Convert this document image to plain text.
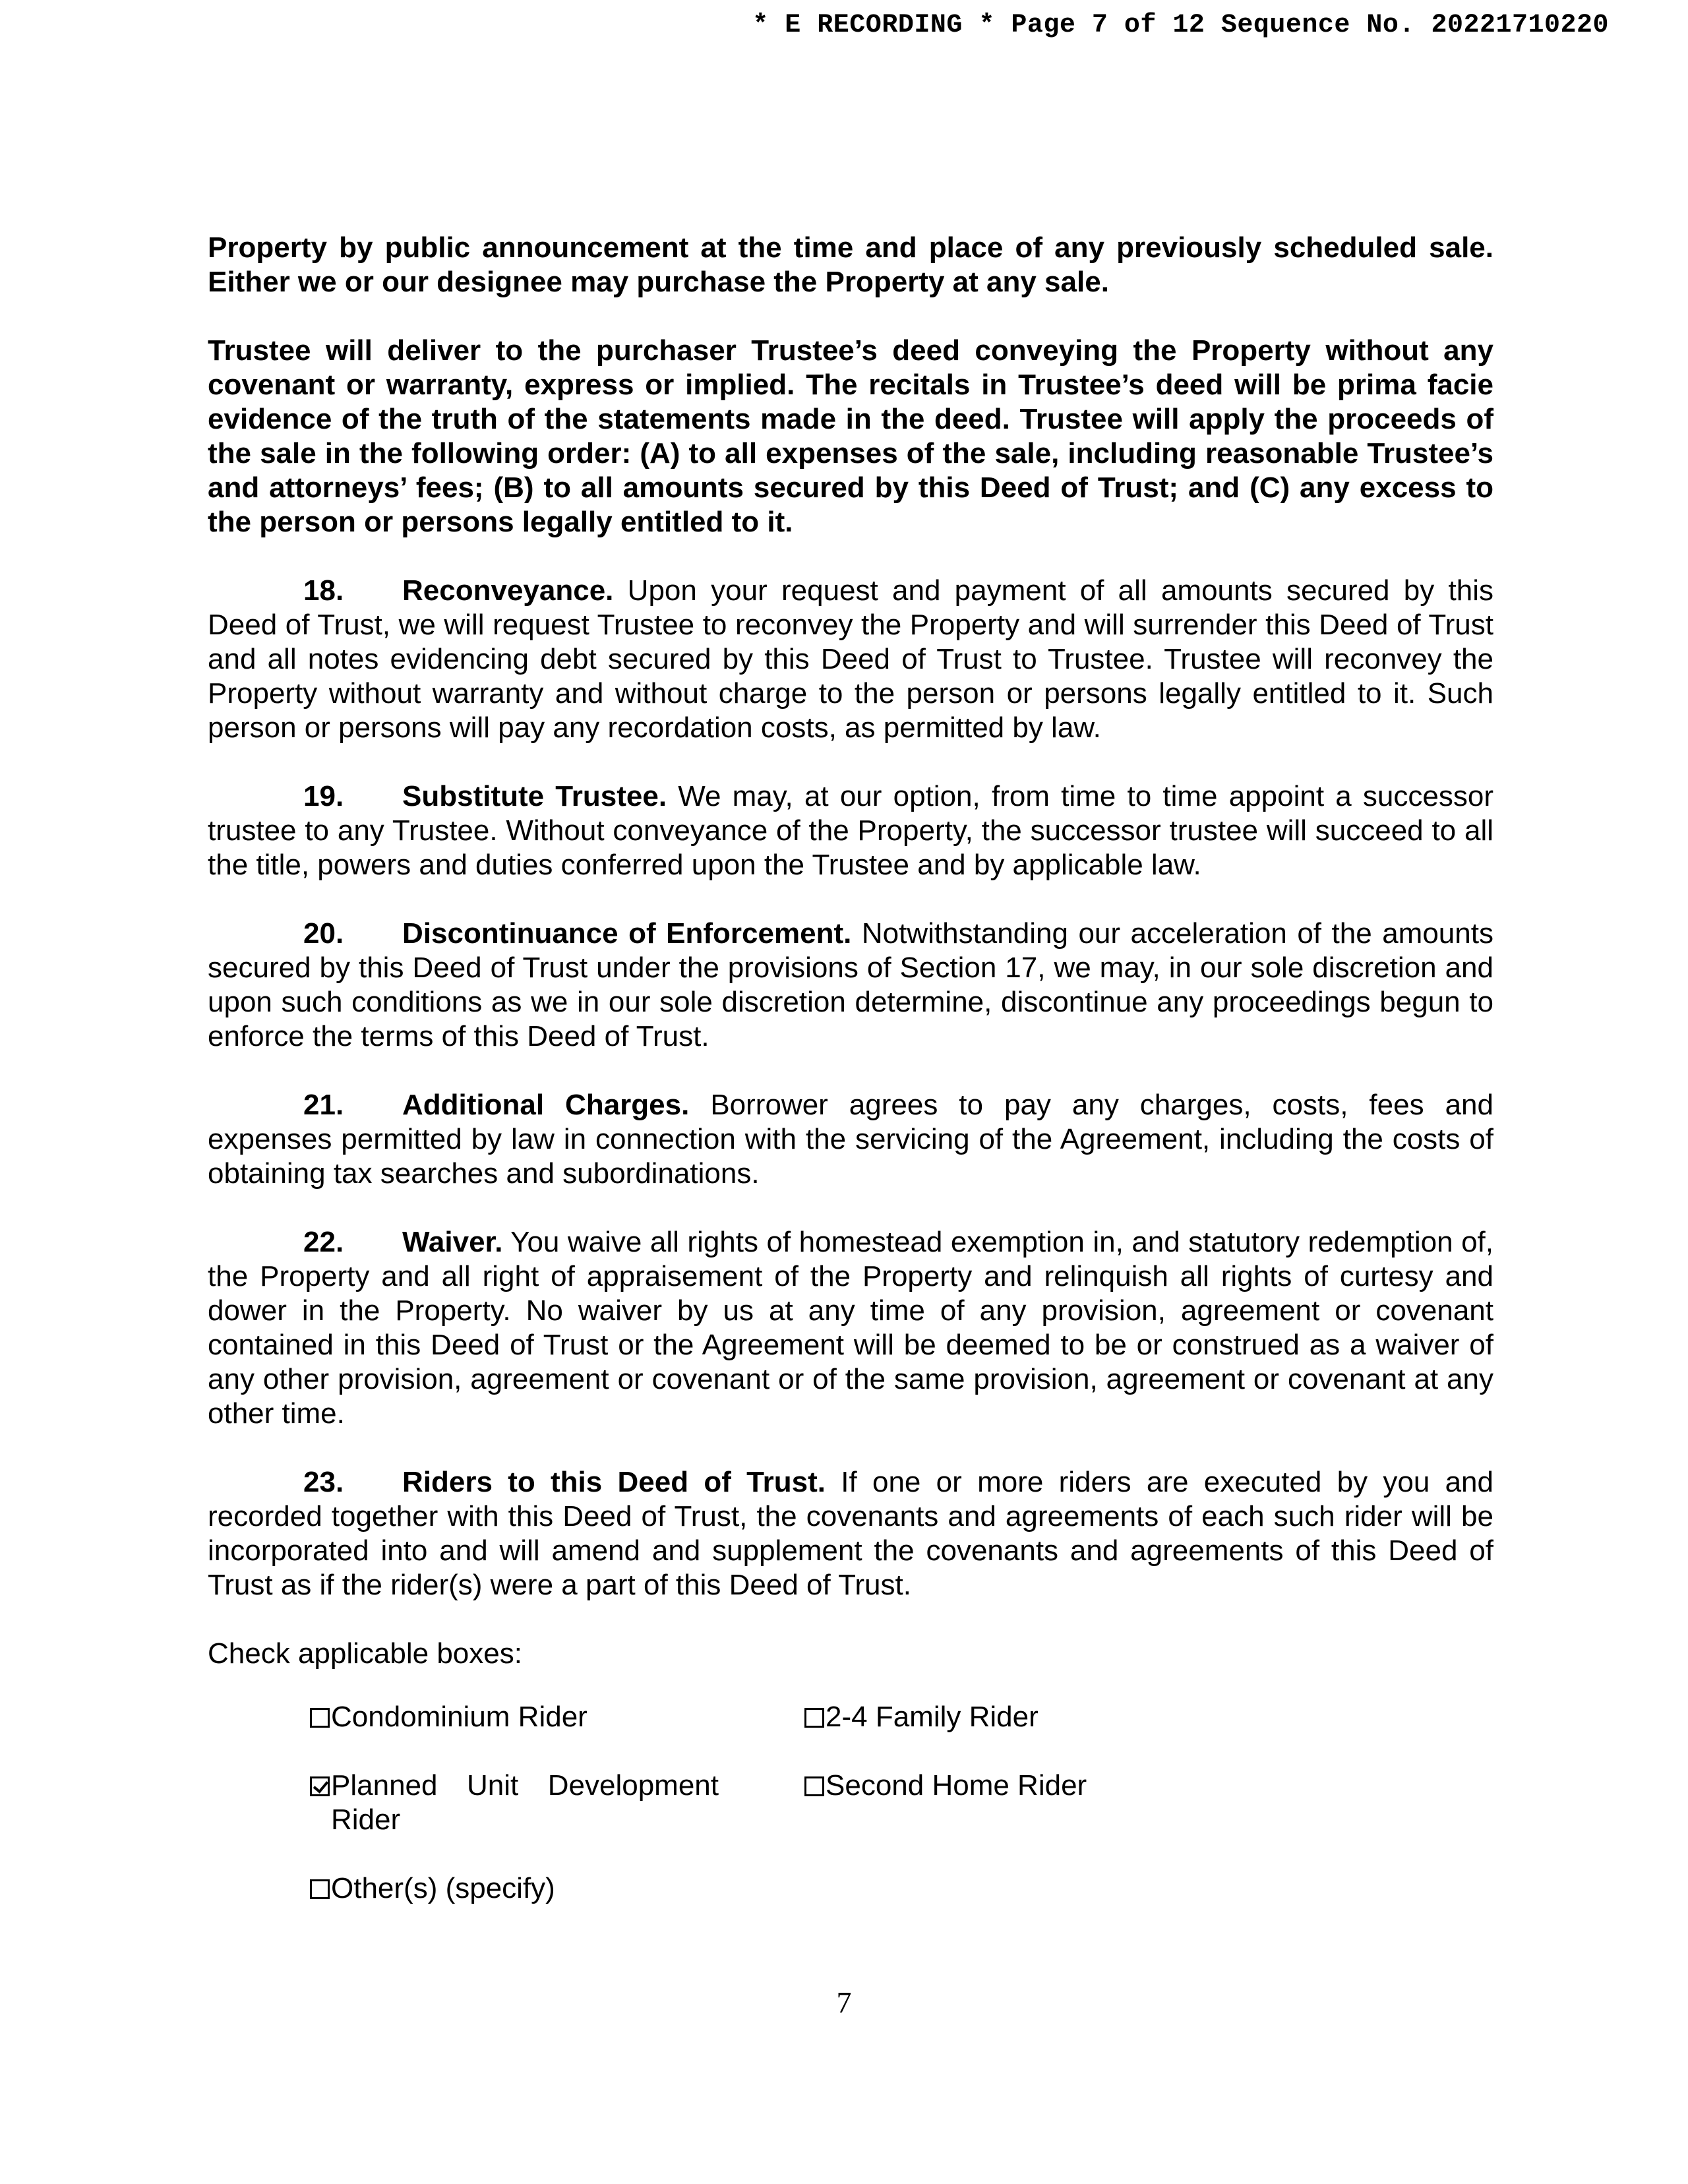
* E RECORDING * Page 7 of 12 Sequence No. 20221710220

Property by public announcement at the time and place of any previously scheduled sale. Either we or our designee may purchase the Property at any sale.

Trustee will deliver to the purchaser Trustee’s deed conveying the Property without any covenant or warranty, express or implied. The recitals in Trustee’s deed will be prima facie evidence of the truth of the statements made in the deed. Trustee will apply the proceeds of the sale in the following order: (A) to all expenses of the sale, including reasonable Trustee’s and attorneys’ fees; (B) to all amounts secured by this Deed of Trust; and (C) any excess to the person or persons legally entitled to it.

18. Reconveyance. Upon your request and payment of all amounts secured by this Deed of Trust, we will request Trustee to reconvey the Property and will surrender this Deed of Trust and all notes evidencing debt secured by this Deed of Trust to Trustee. Trustee will reconvey the Property without warranty and without charge to the person or persons legally entitled to it. Such person or persons will pay any recordation costs, as permitted by law.

19. Substitute Trustee. We may, at our option, from time to time appoint a successor trustee to any Trustee. Without conveyance of the Property, the successor trustee will succeed to all the title, powers and duties conferred upon the Trustee and by applicable law.

20. Discontinuance of Enforcement. Notwithstanding our acceleration of the amounts secured by this Deed of Trust under the provisions of Section 17, we may, in our sole discretion and upon such conditions as we in our sole discretion determine, discontinue any proceedings begun to enforce the terms of this Deed of Trust.

21. Additional Charges. Borrower agrees to pay any charges, costs, fees and expenses permitted by law in connection with the servicing of the Agreement, including the costs of obtaining tax searches and subordinations.

22. Waiver. You waive all rights of homestead exemption in, and statutory redemption of, the Property and all right of appraisement of the Property and relinquish all rights of curtesy and dower in the Property. No waiver by us at any time of any provision, agreement or covenant contained in this Deed of Trust or the Agreement will be deemed to be or construed as a waiver of any other provision, agreement or covenant or of the same provision, agreement or covenant at any other time.

23. Riders to this Deed of Trust. If one or more riders are executed by you and recorded together with this Deed of Trust, the covenants and agreements of each such rider will be incorporated into and will amend and supplement the covenants and agreements of this Deed of Trust as if the rider(s) were a part of this Deed of Trust.

Check applicable boxes:

Condominium Rider	2-4 Family Rider
Planned Unit Development Rider
Second Home Rider
Other(s) (specify)
7
